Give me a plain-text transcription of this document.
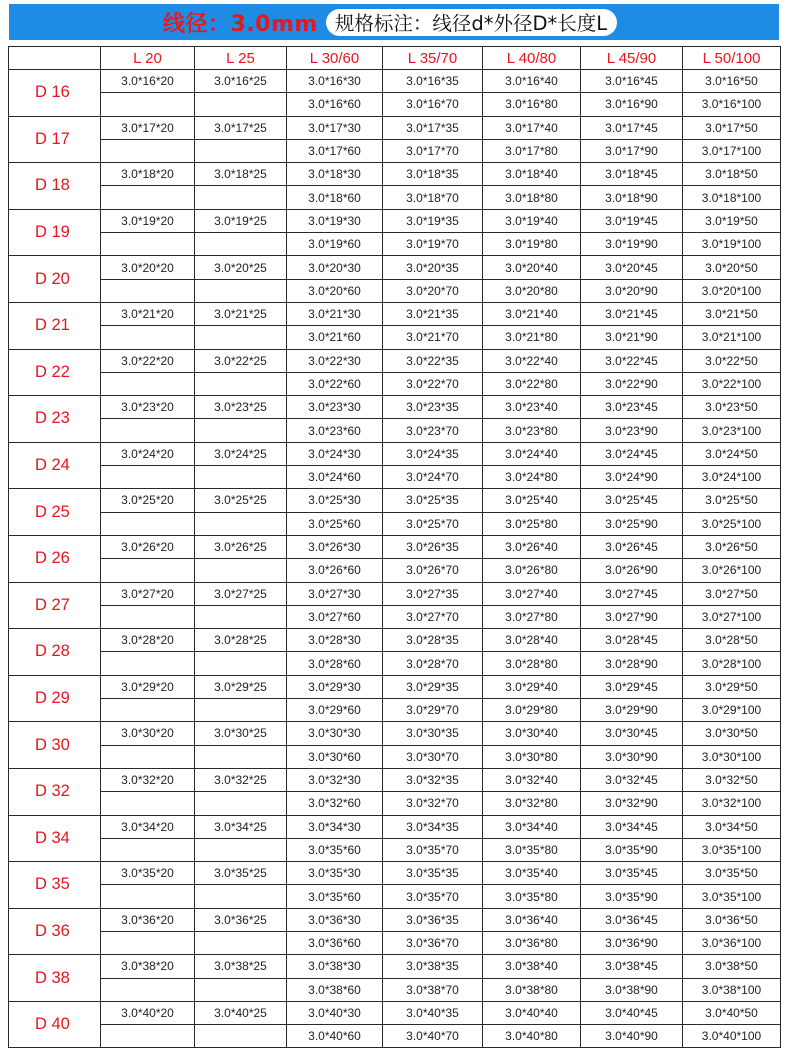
线径：3.0mm 规格标注：线径d*外径D*长度L
	L 20	L 25	L 30/60	L 35/70	L 40/80	L 45/90	L 50/100
D 16	3.0*16*20	3.0*16*25	3.0*16*30	3.0*16*35	3.0*16*40	3.0*16*45	3.0*16*50
			3.0*16*60	3.0*16*70	3.0*16*80	3.0*16*90	3.0*16*100
D 17	3.0*17*20	3.0*17*25	3.0*17*30	3.0*17*35	3.0*17*40	3.0*17*45	3.0*17*50
			3.0*17*60	3.0*17*70	3.0*17*80	3.0*17*90	3.0*17*100
D 18	3.0*18*20	3.0*18*25	3.0*18*30	3.0*18*35	3.0*18*40	3.0*18*45	3.0*18*50
			3.0*18*60	3.0*18*70	3.0*18*80	3.0*18*90	3.0*18*100
D 19	3.0*19*20	3.0*19*25	3.0*19*30	3.0*19*35	3.0*19*40	3.0*19*45	3.0*19*50
			3.0*19*60	3.0*19*70	3.0*19*80	3.0*19*90	3.0*19*100
D 20	3.0*20*20	3.0*20*25	3.0*20*30	3.0*20*35	3.0*20*40	3.0*20*45	3.0*20*50
			3.0*20*60	3.0*20*70	3.0*20*80	3.0*20*90	3.0*20*100
D 21	3.0*21*20	3.0*21*25	3.0*21*30	3.0*21*35	3.0*21*40	3.0*21*45	3.0*21*50
			3.0*21*60	3.0*21*70	3.0*21*80	3.0*21*90	3.0*21*100
D 22	3.0*22*20	3.0*22*25	3.0*22*30	3.0*22*35	3.0*22*40	3.0*22*45	3.0*22*50
			3.0*22*60	3.0*22*70	3.0*22*80	3.0*22*90	3.0*22*100
D 23	3.0*23*20	3.0*23*25	3.0*23*30	3.0*23*35	3.0*23*40	3.0*23*45	3.0*23*50
			3.0*23*60	3.0*23*70	3.0*23*80	3.0*23*90	3.0*23*100
D 24	3.0*24*20	3.0*24*25	3.0*24*30	3.0*24*35	3.0*24*40	3.0*24*45	3.0*24*50
			3.0*24*60	3.0*24*70	3.0*24*80	3.0*24*90	3.0*24*100
D 25	3.0*25*20	3.0*25*25	3.0*25*30	3.0*25*35	3.0*25*40	3.0*25*45	3.0*25*50
			3.0*25*60	3.0*25*70	3.0*25*80	3.0*25*90	3.0*25*100
D 26	3.0*26*20	3.0*26*25	3.0*26*30	3.0*26*35	3.0*26*40	3.0*26*45	3.0*26*50
			3.0*26*60	3.0*26*70	3.0*26*80	3.0*26*90	3.0*26*100
D 27	3.0*27*20	3.0*27*25	3.0*27*30	3.0*27*35	3.0*27*40	3.0*27*45	3.0*27*50
			3.0*27*60	3.0*27*70	3.0*27*80	3.0*27*90	3.0*27*100
D 28	3.0*28*20	3.0*28*25	3.0*28*30	3.0*28*35	3.0*28*40	3.0*28*45	3.0*28*50
			3.0*28*60	3.0*28*70	3.0*28*80	3.0*28*90	3.0*28*100
D 29	3.0*29*20	3.0*29*25	3.0*29*30	3.0*29*35	3.0*29*40	3.0*29*45	3.0*29*50
			3.0*29*60	3.0*29*70	3.0*29*80	3.0*29*90	3.0*29*100
D 30	3.0*30*20	3.0*30*25	3.0*30*30	3.0*30*35	3.0*30*40	3.0*30*45	3.0*30*50
			3.0*30*60	3.0*30*70	3.0*30*80	3.0*30*90	3.0*30*100
D 32	3.0*32*20	3.0*32*25	3.0*32*30	3.0*32*35	3.0*32*40	3.0*32*45	3.0*32*50
			3.0*32*60	3.0*32*70	3.0*32*80	3.0*32*90	3.0*32*100
D 34	3.0*34*20	3.0*34*25	3.0*34*30	3.0*34*35	3.0*34*40	3.0*34*45	3.0*34*50
			3.0*35*60	3.0*35*70	3.0*35*80	3.0*35*90	3.0*35*100
D 35	3.0*35*20	3.0*35*25	3.0*35*30	3.0*35*35	3.0*35*40	3.0*35*45	3.0*35*50
			3.0*35*60	3.0*35*70	3.0*35*80	3.0*35*90	3.0*35*100
D 36	3.0*36*20	3.0*36*25	3.0*36*30	3.0*36*35	3.0*36*40	3.0*36*45	3.0*36*50
			3.0*36*60	3.0*36*70	3.0*36*80	3.0*36*90	3.0*36*100
D 38	3.0*38*20	3.0*38*25	3.0*38*30	3.0*38*35	3.0*38*40	3.0*38*45	3.0*38*50
			3.0*38*60	3.0*38*70	3.0*38*80	3.0*38*90	3.0*38*100
D 40	3.0*40*20	3.0*40*25	3.0*40*30	3.0*40*35	3.0*40*40	3.0*40*45	3.0*40*50
			3.0*40*60	3.0*40*70	3.0*40*80	3.0*40*90	3.0*40*100
